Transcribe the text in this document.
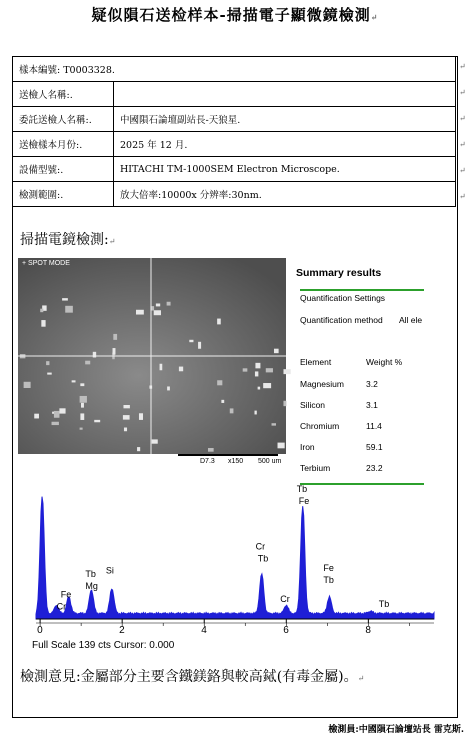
疑似隕石送检样本-掃描電子顯微鏡檢測↵
樣本編號: T0003328.	
送檢人名稱:.	
委託送檢人名稱:.	中國隕石論壇副站長-天狼星.
送檢樣本月份:.	2025 年 12 月.
設備型號:.	HITACHI TM-1000SEM Electron Microscope.
檢測範圍:.	放大倍率:10000x 分辨率:30nm.
↵
↵
↵
↵
↵
↵
掃描電鏡檢測:↵
+ SPOT MODE
D7.3 x150 500 um
Summary results
Quantification Settings
Quantification method All ele
Element	Weight %
Magnesium	3.2
Silicon	3.1
Chromium	11.4
Iron	59.1
Terbium	23.2
0	2	4	6	8
Cr
Fe
Mg
Tb Si
Cr
Tb
Cr
Tb
Fe
Fe
Tb
Tb
Full Scale 139 cts Cursor: 0.000
檢測意見:金屬部分主要含鐵鎂鉻與較高鋱(有毒金屬)。↵
檢測員:中國隕石論壇站長 雷克斯.
